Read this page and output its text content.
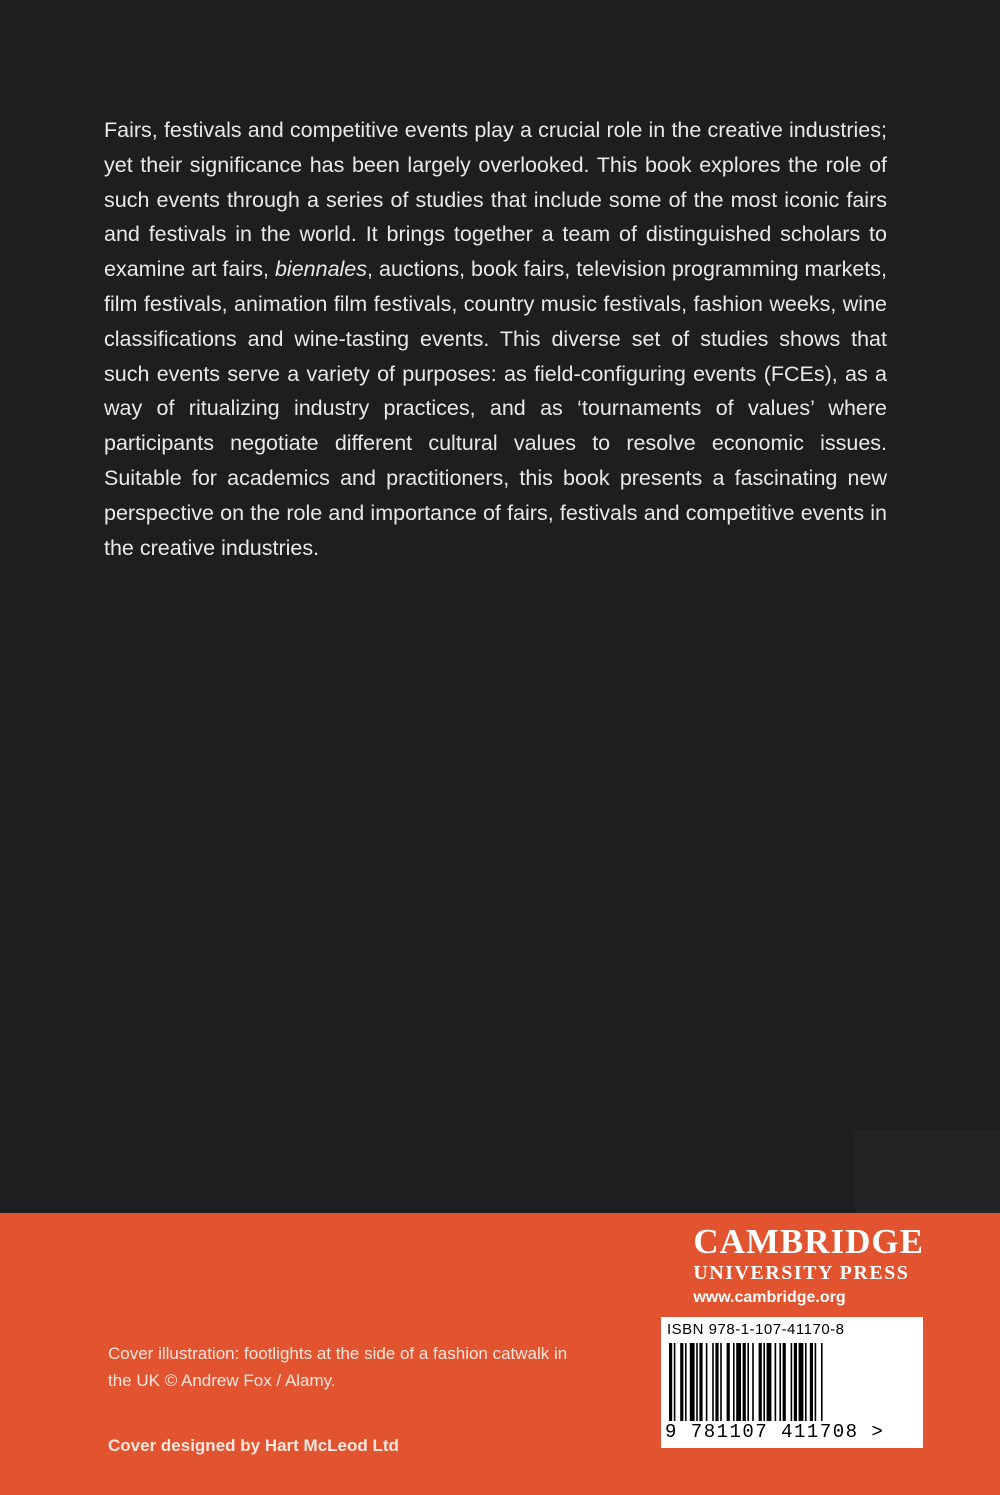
Fairs, festivals and competitive events play a crucial role in the creative industries; yet their significance has been largely overlooked. This book explores the role of such events through a series of studies that include some of the most iconic fairs and festivals in the world. It brings together a team of distinguished scholars to examine art fairs, biennales, auctions, book fairs, television programming markets, film festivals, animation film festivals, country music festivals, fashion weeks, wine classifications and wine-tasting events. This diverse set of studies shows that such events serve a variety of purposes: as field-configuring events (FCEs), as a way of ritualizing industry practices, and as ‘tournaments of values’ where participants negotiate different cultural values to resolve economic issues. Suitable for academics and practitioners, this book presents a fascinating new perspective on the role and importance of fairs, festivals and competitive events in the creative industries.

CAMBRIDGE
UNIVERSITY PRESS
www.cambridge.org
Cover illustration: footlights at the side of a fashion catwalk in the UK © Andrew Fox / Alamy.
Cover designed by Hart McLeod Ltd
ISBN 978-1-107-41170-8
9 781107 411708 >
